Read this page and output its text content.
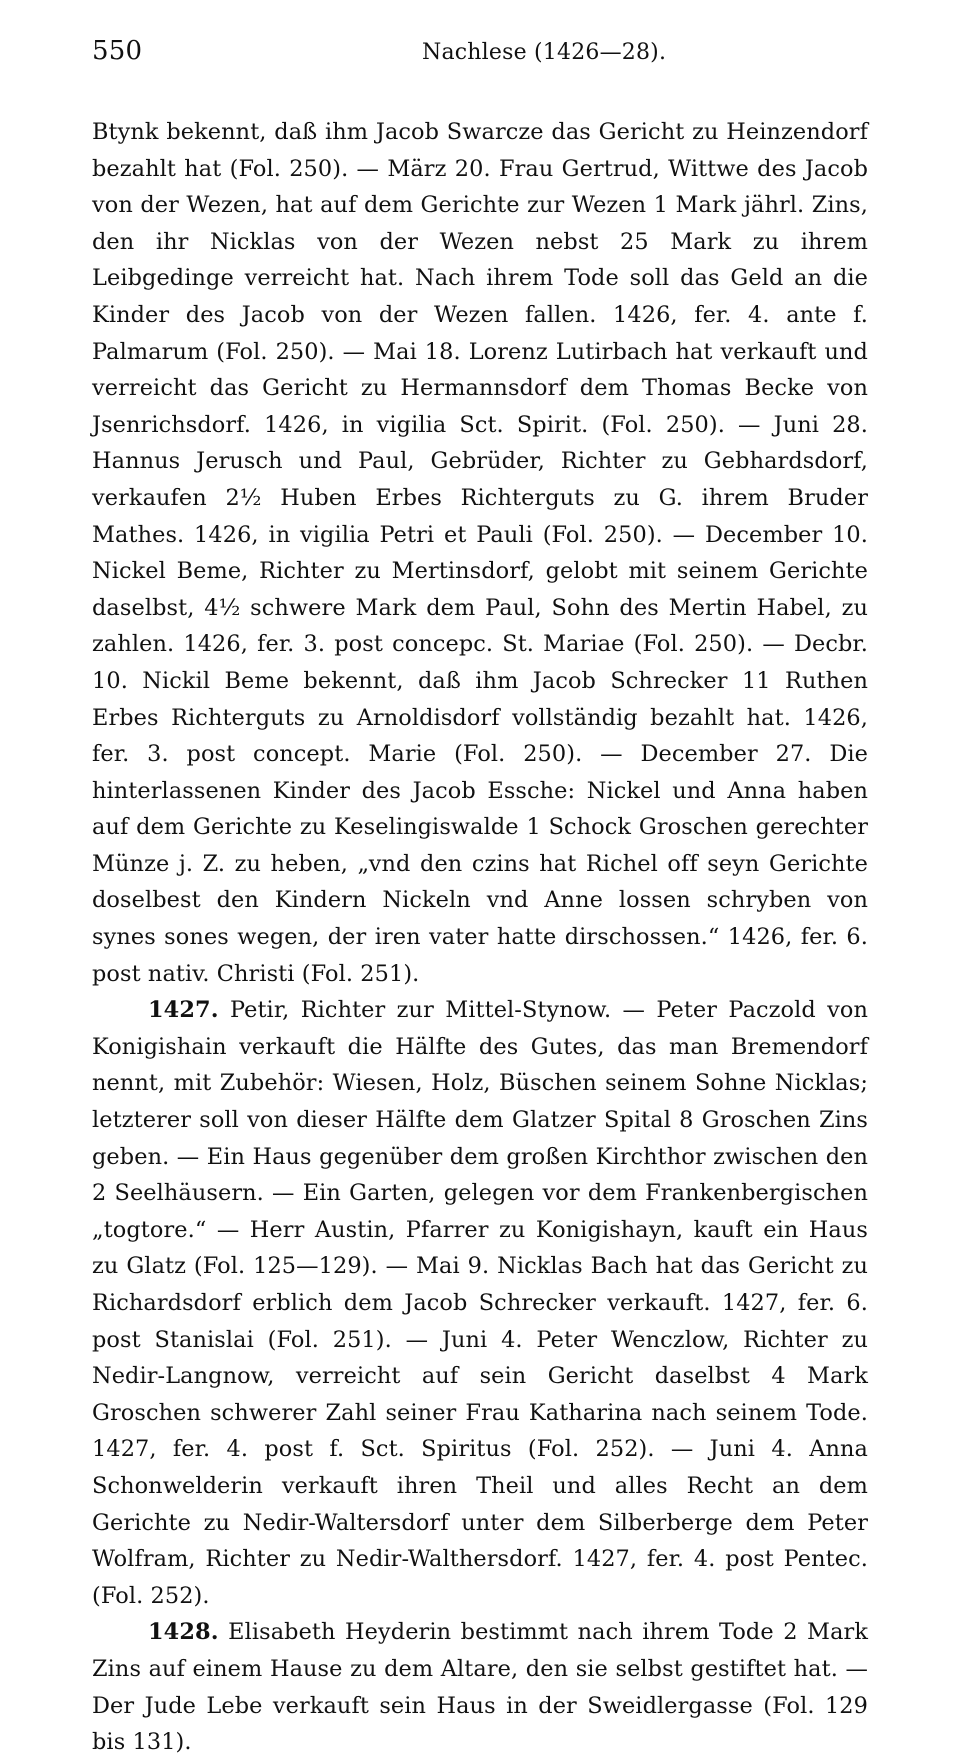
550	Nachlese (1426—28).

Btynk bekennt, daß ihm Jacob Swarcze das Gericht zu Heinzendorf bezahlt hat (Fol. 250). — März 20. Frau Gertrud, Wittwe des Jacob von der Wezen, hat auf dem Gerichte zur Wezen 1 Mark jährl. Zins, den ihr Nicklas von der Wezen nebst 25 Mark zu ihrem Leibgedinge verreicht hat. Nach ihrem Tode soll das Geld an die Kinder des Jacob von der Wezen fallen. 1426, fer. 4. ante f. Palmarum (Fol. 250). — Mai 18. Lorenz Lutirbach hat verkauft und verreicht das Gericht zu Hermannsdorf dem Thomas Becke von Jsenrichsdorf. 1426, in vigilia Sct. Spirit. (Fol. 250). — Juni 28. Hannus Jerusch und Paul, Gebrüder, Richter zu Gebhardsdorf, verkaufen 2½ Huben Erbes Richterguts zu G. ihrem Bruder Mathes. 1426, in vigilia Petri et Pauli (Fol. 250). — December 10. Nickel Beme, Richter zu Mertinsdorf, gelobt mit seinem Gerichte daselbst, 4½ schwere Mark dem Paul, Sohn des Mertin Habel, zu zahlen. 1426, fer. 3. post concepc. St. Mariae (Fol. 250). — Decbr. 10. Nickil Beme bekennt, daß ihm Jacob Schrecker 11 Ruthen Erbes Richterguts zu Arnoldisdorf vollständig bezahlt hat. 1426, fer. 3. post concept. Marie (Fol. 250). — December 27. Die hinterlassenen Kinder des Jacob Essche: Nickel und Anna haben auf dem Gerichte zu Keselingiswalde 1 Schock Groschen gerechter Münze j. Z. zu heben, „vnd den czins hat Richel off seyn Gerichte doselbest den Kindern Nickeln vnd Anne lossen schryben von synes sones wegen, der iren vater hatte dirschossen.“ 1426, fer. 6. post nativ. Christi (Fol. 251).

1427. Petir, Richter zur Mittel-Stynow. — Peter Paczold von Konigishain verkauft die Hälfte des Gutes, das man Bremendorf nennt, mit Zubehör: Wiesen, Holz, Büschen seinem Sohne Nicklas; letzterer soll von dieser Hälfte dem Glatzer Spital 8 Groschen Zins geben. — Ein Haus gegenüber dem großen Kirchthor zwischen den 2 Seelhäusern. — Ein Garten, gelegen vor dem Frankenbergischen „togtore.“ — Herr Austin, Pfarrer zu Konigishayn, kauft ein Haus zu Glatz (Fol. 125—129). — Mai 9. Nicklas Bach hat das Gericht zu Richardsdorf erblich dem Jacob Schrecker verkauft. 1427, fer. 6. post Stanislai (Fol. 251). — Juni 4. Peter Wenczlow, Richter zu Nedir-Langnow, verreicht auf sein Gericht daselbst 4 Mark Groschen schwerer Zahl seiner Frau Katharina nach seinem Tode. 1427, fer. 4. post f. Sct. Spiritus (Fol. 252). — Juni 4. Anna Schonwelderin verkauft ihren Theil und alles Recht an dem Gerichte zu Nedir-Waltersdorf unter dem Silberberge dem Peter Wolfram, Richter zu Nedir-Walthersdorf. 1427, fer. 4. post Pentec. (Fol. 252).

1428. Elisabeth Heyderin bestimmt nach ihrem Tode 2 Mark Zins auf einem Hause zu dem Altare, den sie selbst gestiftet hat. — Der Jude Lebe verkauft sein Haus in der Sweidlergasse (Fol. 129 bis 131).
